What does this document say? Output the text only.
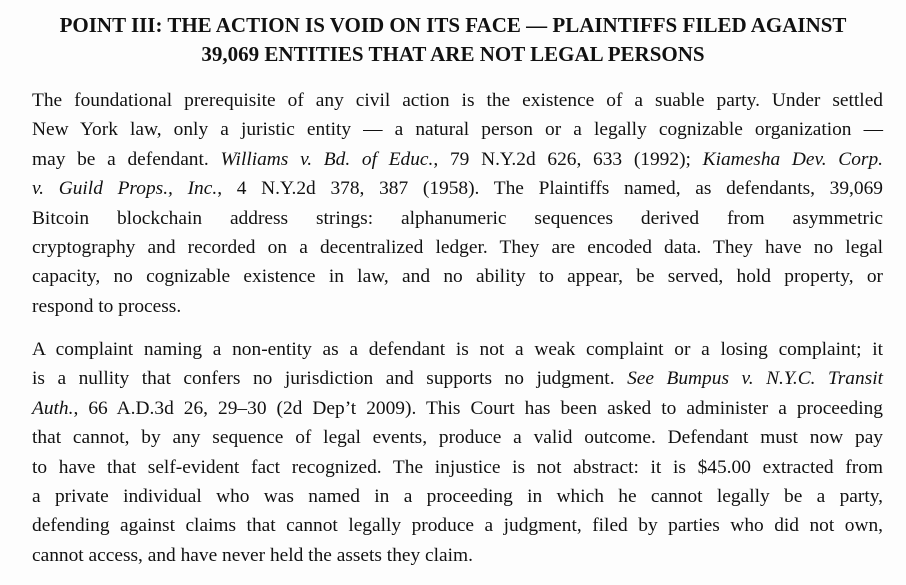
POINT III: THE ACTION IS VOID ON ITS FACE — PLAINTIFFS FILED AGAINST
39,069 ENTITIES THAT ARE NOT LEGAL PERSONS
The foundational prerequisite of any civil action is the existence of a suable party. Under settled
New York law, only a juristic entity — a natural person or a legally cognizable organization —
may be a defendant. Williams v. Bd. of Educ., 79 N.Y.2d 626, 633 (1992); Kiamesha Dev. Corp.
v. Guild Props., Inc., 4 N.Y.2d 378, 387 (1958). The Plaintiffs named, as defendants, 39,069
Bitcoin blockchain address strings: alphanumeric sequences derived from asymmetric
cryptography and recorded on a decentralized ledger. They are encoded data. They have no legal
capacity, no cognizable existence in law, and no ability to appear, be served, hold property, or
respond to process.
A complaint naming a non-entity as a defendant is not a weak complaint or a losing complaint; it
is a nullity that confers no jurisdiction and supports no judgment. See Bumpus v. N.Y.C. Transit
Auth., 66 A.D.3d 26, 29–30 (2d Dep’t 2009). This Court has been asked to administer a proceeding
that cannot, by any sequence of legal events, produce a valid outcome. Defendant must now pay
to have that self-evident fact recognized. The injustice is not abstract: it is $45.00 extracted from
a private individual who was named in a proceeding in which he cannot legally be a party,
defending against claims that cannot legally produce a judgment, filed by parties who did not own,
cannot access, and have never held the assets they claim.
